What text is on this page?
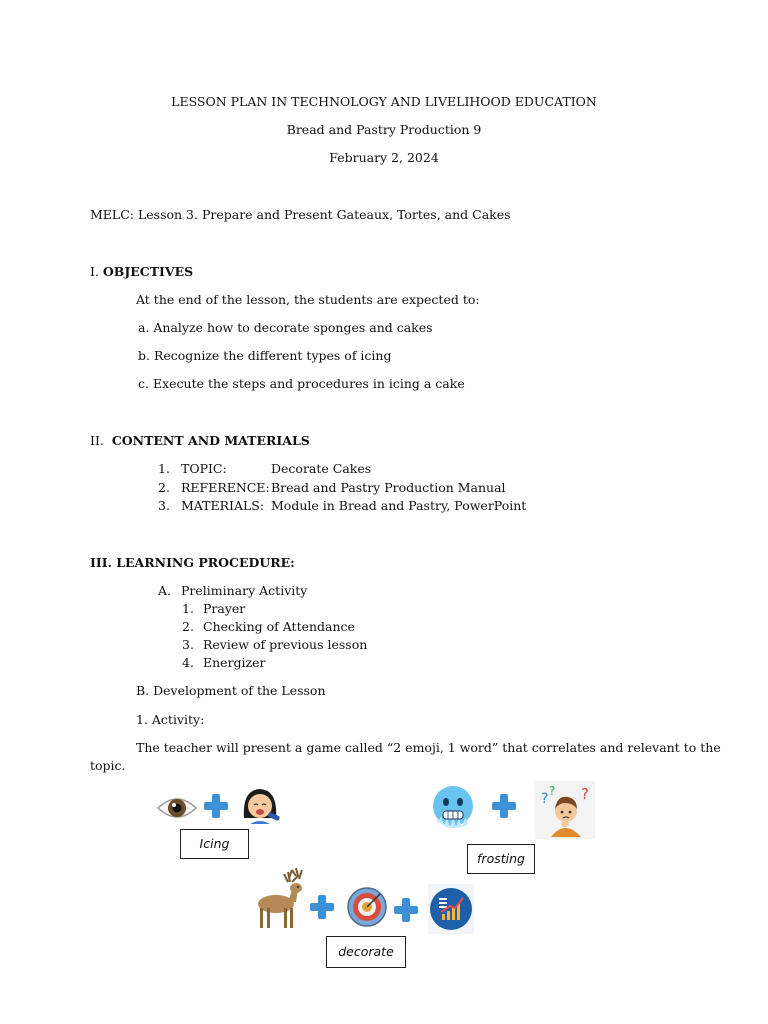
LESSON PLAN IN TECHNOLOGY AND LIVELIHOOD EDUCATION
Bread and Pastry Production 9
February 2, 2024
MELC: Lesson 3. Prepare and Present Gateaux, Tortes, and Cakes
I. OBJECTIVES
At the end of the lesson, the students are expected to:
a. Analyze how to decorate sponges and cakes
b. Recognize the different types of icing
c. Execute the steps and procedures in icing a cake
II. CONTENT AND MATERIALS
1. TOPIC:	Decorate Cakes
2. REFERENCE: Bread and Pastry Production Manual
3. MATERIALS: Module in Bread and Pastry, PowerPoint
III. LEARNING PROCEDURE:
A. Preliminary Activity
1. Prayer
2. Checking of Attendance
3. Review of previous lesson
4. Energizer
B. Development of the Lesson
1. Activity:
The teacher will present a game called “2 emoji, 1 word” that correlates and relevant to the
topic.
Icing
? ? ?
frosting
decorate
